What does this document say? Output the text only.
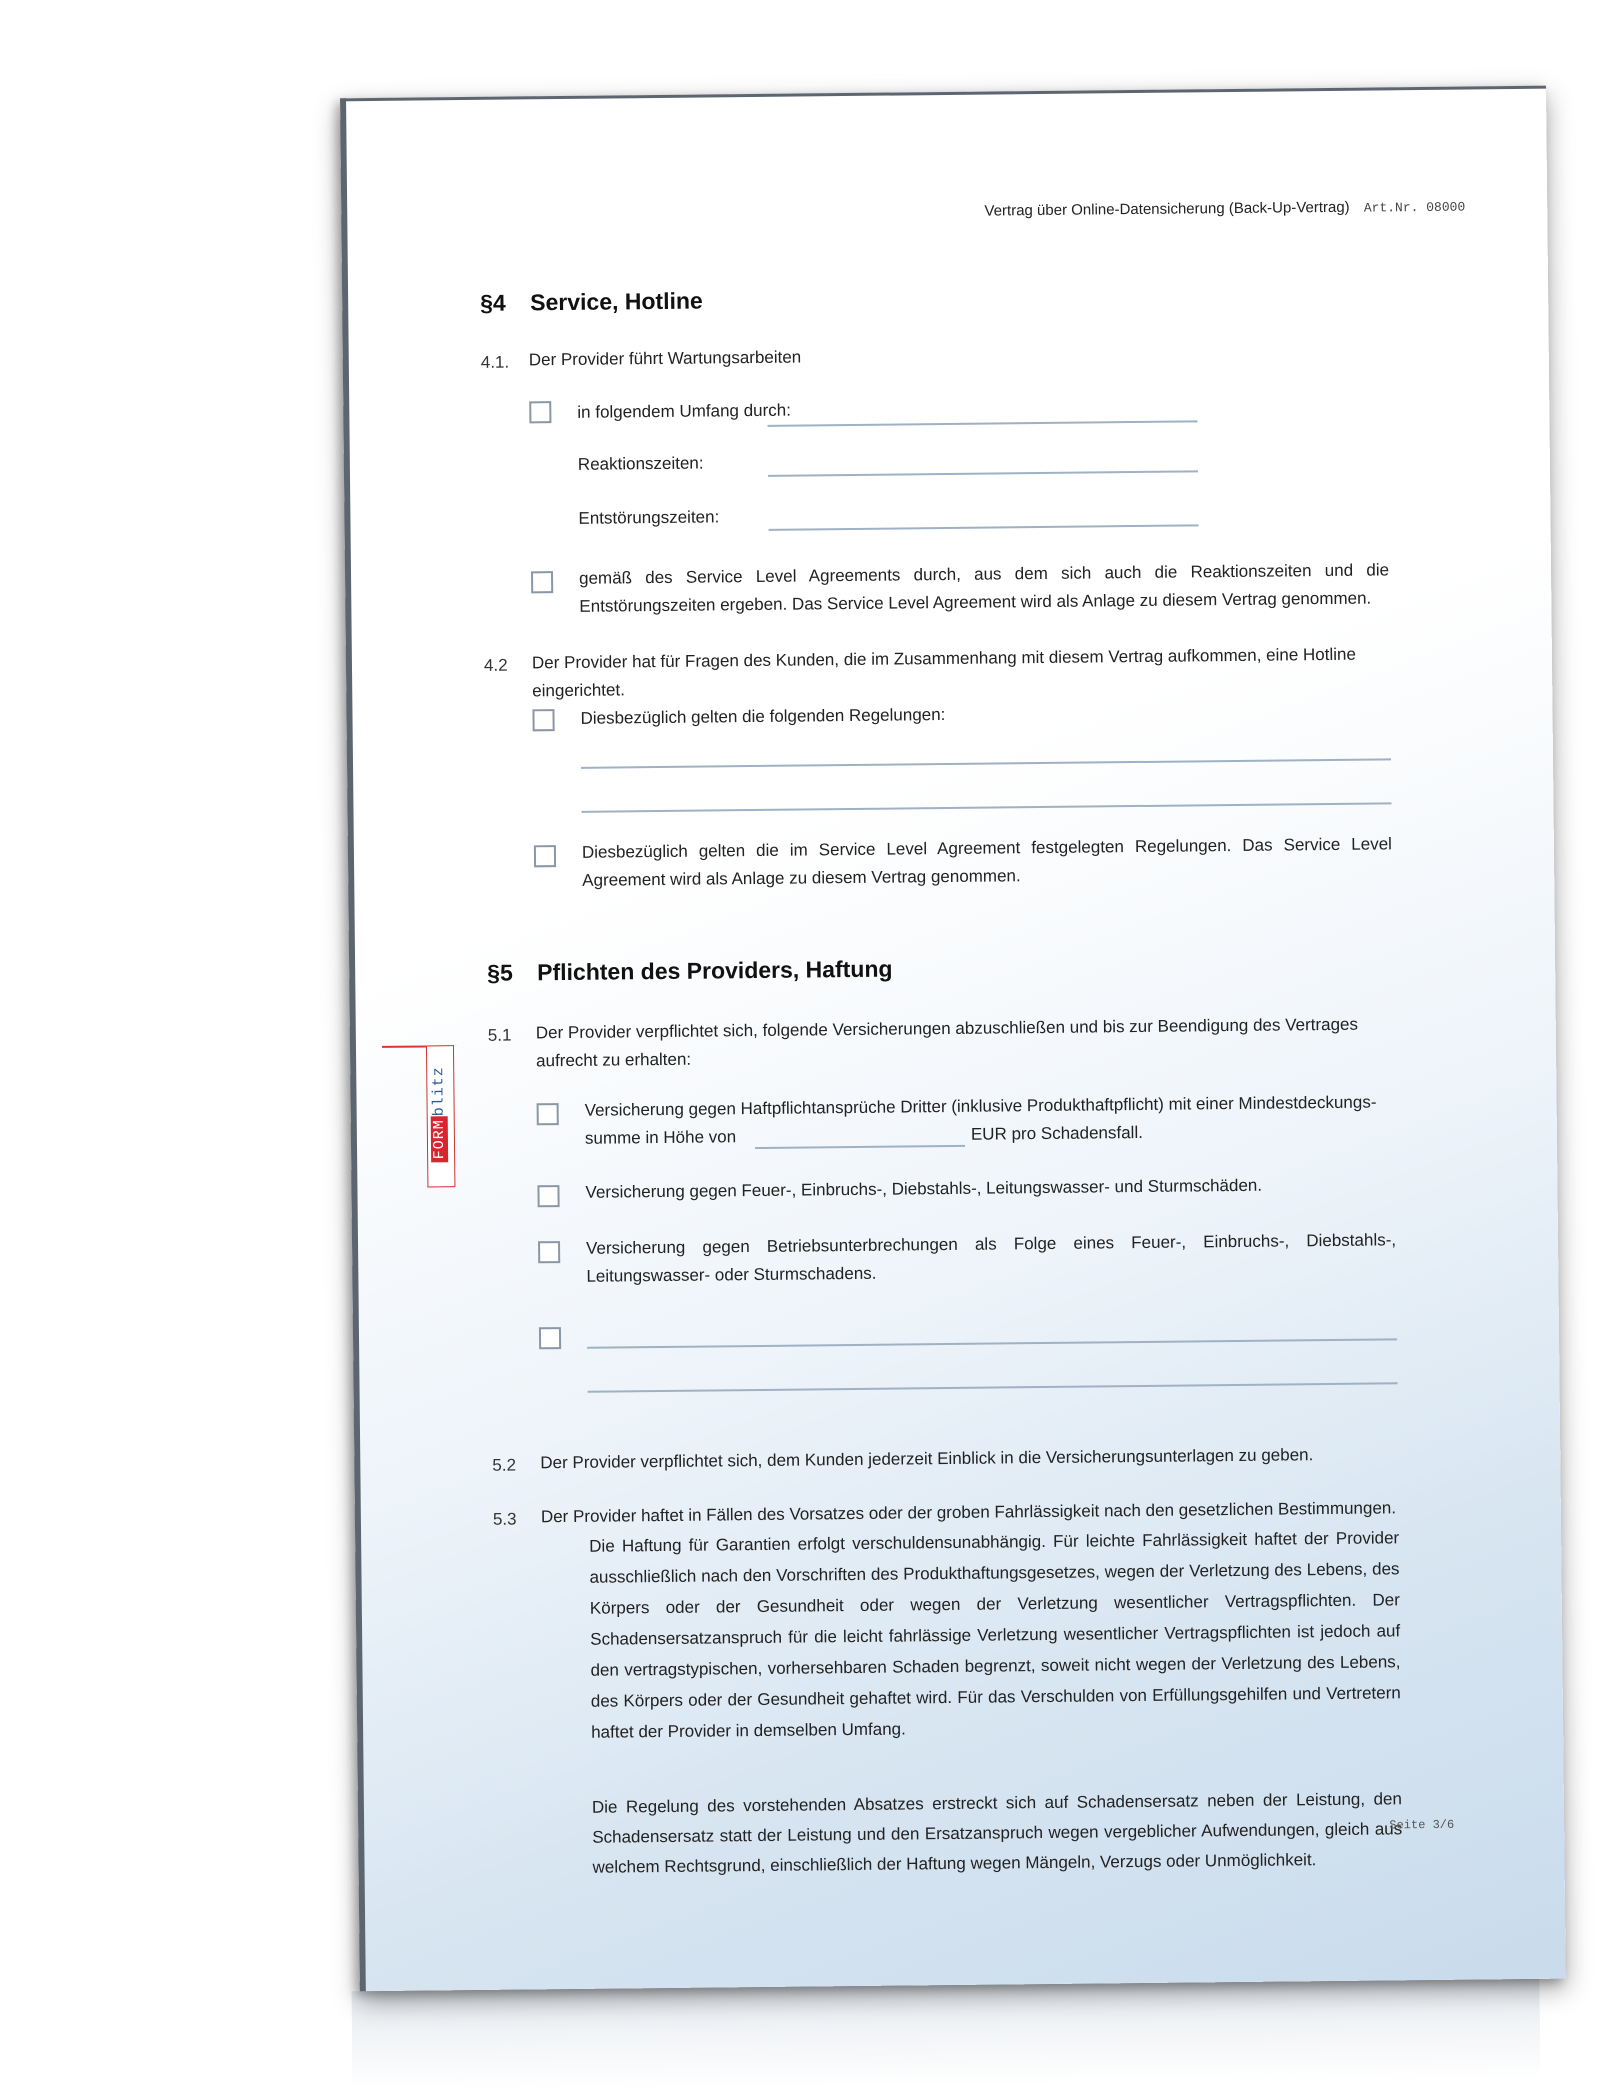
Vertrag über Online-Datensicherung (Back-Up-Vertrag) Art.Nr. 08000
FORMblitz
§4 Service, Hotline
4.1. Der Provider führt Wartungsarbeiten
in folgendem Umfang durch:
Reaktionszeiten:
Entstörungszeiten:
gemäß des Service Level Agreements durch, aus dem sich auch die Reaktionszeiten und die Entstörungszeiten ergeben. Das Service Level Agreement wird als Anlage zu diesem Vertrag genommen.
4.2 Der Provider hat für Fragen des Kunden, die im Zusammenhang mit diesem Vertrag aufkommen, eine Hotline eingerichtet.
Diesbezüglich gelten die folgenden Regelungen:
Diesbezüglich gelten die im Service Level Agreement festgelegten Regelungen. Das Service Level Agreement wird als Anlage zu diesem Vertrag genommen.
§5 Pflichten des Providers, Haftung
5.1 Der Provider verpflichtet sich, folgende Versicherungen abzuschließen und bis zur Beendigung des Vertrages aufrecht zu erhalten:
Versicherung gegen Haftpflichtansprüche Dritter (inklusive Produkthaftpflicht) mit einer Mindestdeckungs-
summe in Höhe von	EUR pro Schadensfall.
Versicherung gegen Feuer-, Einbruchs-, Diebstahls-, Leitungswasser- und Sturmschäden.
Versicherung gegen Betriebsunterbrechungen als Folge eines Feuer-, Einbruchs-, Diebstahls-, Leitungswasser- oder Sturmschadens.
5.2 Der Provider verpflichtet sich, dem Kunden jederzeit Einblick in die Versicherungsunterlagen zu geben.
5.3 Der Provider haftet in Fällen des Vorsatzes oder der groben Fahrlässigkeit nach den gesetzlichen Bestimmungen.
Die Haftung für Garantien erfolgt verschuldensunabhängig. Für leichte Fahrlässigkeit haftet der Provider ausschließlich nach den Vorschriften des Produkthaftungsgesetzes, wegen der Verletzung des Lebens, des Körpers oder der Gesundheit oder wegen der Verletzung wesentlicher Vertragspflichten. Der Schadensersatzanspruch für die leicht fahrlässige Verletzung wesentlicher Vertragspflichten ist jedoch auf den vertragstypischen, vorhersehbaren Schaden begrenzt, soweit nicht wegen der Verletzung des Lebens, des Körpers oder der Gesundheit gehaftet wird. Für das Verschulden von Erfüllungsgehilfen und Vertretern haftet der Provider in demselben Umfang.
Die Regelung des vorstehenden Absatzes erstreckt sich auf Schadensersatz neben der Leistung, den Schadensersatz statt der Leistung und den Ersatzanspruch wegen vergeblicher Aufwendungen, gleich aus welchem Rechtsgrund, einschließlich der Haftung wegen Mängeln, Verzugs oder Unmöglichkeit.
Seite 3/6
